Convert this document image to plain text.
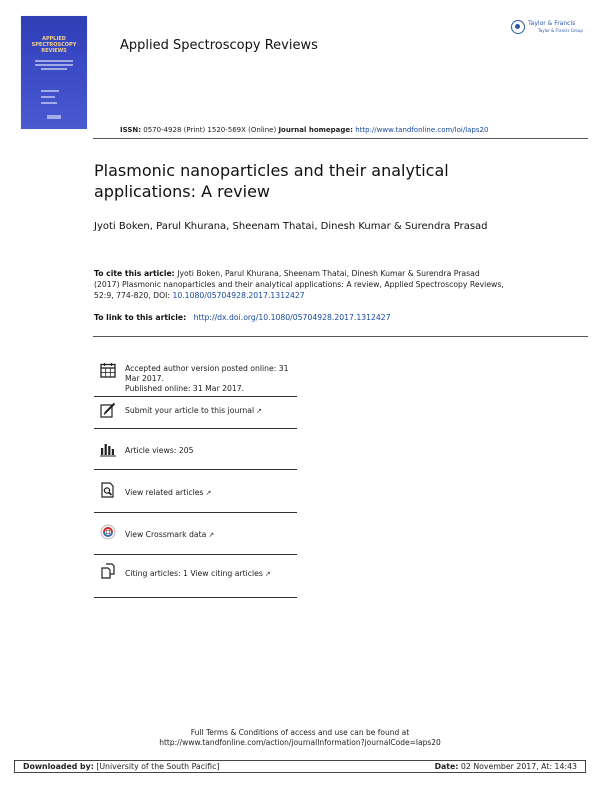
APPLIED
SPECTROSCOPY
REVIEWS	Applied Spectroscopy Reviews
Taylor & Francis
Taylor & Francis Group
ISSN: 0570-4928 (Print) 1520-569X (Online) Journal homepage: http://www.tandfonline.com/loi/laps20
Plasmonic nanoparticles and their analytical applications: A review
Jyoti Boken, Parul Khurana, Sheenam Thatai, Dinesh Kumar & Surendra Prasad
To cite this article: Jyoti Boken, Parul Khurana, Sheenam Thatai, Dinesh Kumar & Surendra Prasad (2017) Plasmonic nanoparticles and their analytical applications: A review, Applied Spectroscopy Reviews, 52:9, 774-820, DOI: 10.1080/05704928.2017.1312427
To link to this article: http://dx.doi.org/10.1080/05704928.2017.1312427
Accepted author version posted online: 31
Mar 2017.
Published online: 31 Mar 2017.
Submit your article to this journal ↗
Article views: 205
View related articles ↗
View Crossmark data ↗
Citing articles: 1 View citing articles ↗
Full Terms & Conditions of access and use can be found at
http://www.tandfonline.com/action/journalInformation?journalCode=laps20
Downloaded by: [University of the South Pacific]	Date: 02 November 2017, At: 14:43
